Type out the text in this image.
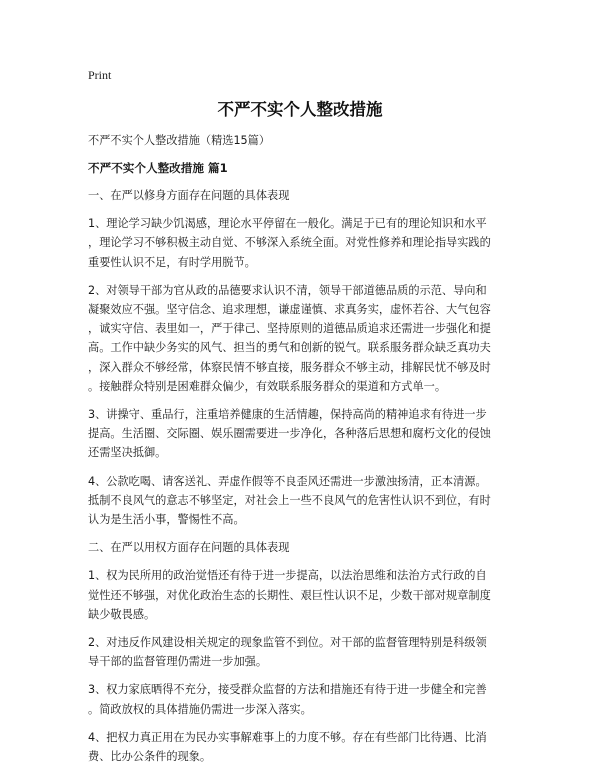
Print
不严不实个人整改措施

不严不实个人整改措施（精选15篇）

不严不实个人整改措施 篇1

一、在严以修身方面存在问题的具体表现

1、理论学习缺少饥渴感，理论水平停留在一般化。满足于已有的理论知识和水平

，理论学习不够积极主动自觉、不够深入系统全面。对党性修养和理论指导实践的

重要性认识不足，有时学用脱节。

2、对领导干部为官从政的品德要求认识不清，领导干部道德品质的示范、导向和

凝聚效应不强。坚守信念、追求理想，谦虚谨慎、求真务实，虚怀若谷、大气包容

，诚实守信、表里如一，严于律己、坚持原则的道德品质追求还需进一步强化和提

高。工作中缺少务实的风气、担当的勇气和创新的锐气。联系服务群众缺乏真功夫

，深入群众不够经常，体察民情不够直接，服务群众不够主动，排解民忧不够及时

。接触群众特别是困难群众偏少，有效联系服务群众的渠道和方式单一。

3、讲操守、重品行，注重培养健康的生活情趣，保持高尚的精神追求有待进一步

提高。生活圈、交际圈、娱乐圈需要进一步净化，各种落后思想和腐朽文化的侵蚀

还需坚决抵御。

4、公款吃喝、请客送礼、弄虚作假等不良歪风还需进一步激浊扬清，正本清源。

抵制不良风气的意志不够坚定，对社会上一些不良风气的危害性认识不到位，有时

认为是生活小事，警惕性不高。

二、在严以用权方面存在问题的具体表现

1、权为民所用的政治觉悟还有待于进一步提高，以法治思维和法治方式行政的自

觉性还不够强，对优化政治生态的长期性、艰巨性认识不足，少数干部对规章制度

缺少敬畏感。

2、对违反作风建设相关规定的现象监管不到位。对干部的监督管理特别是科级领

导干部的监督管理仍需进一步加强。

3、权力家底晒得不充分，接受群众监督的方法和措施还有待于进一步健全和完善

。简政放权的具体措施仍需进一步深入落实。

4、把权力真正用在为民办实事解难事上的力度不够。存在有些部门比待遇、比消

费、比办公条件的现象。
